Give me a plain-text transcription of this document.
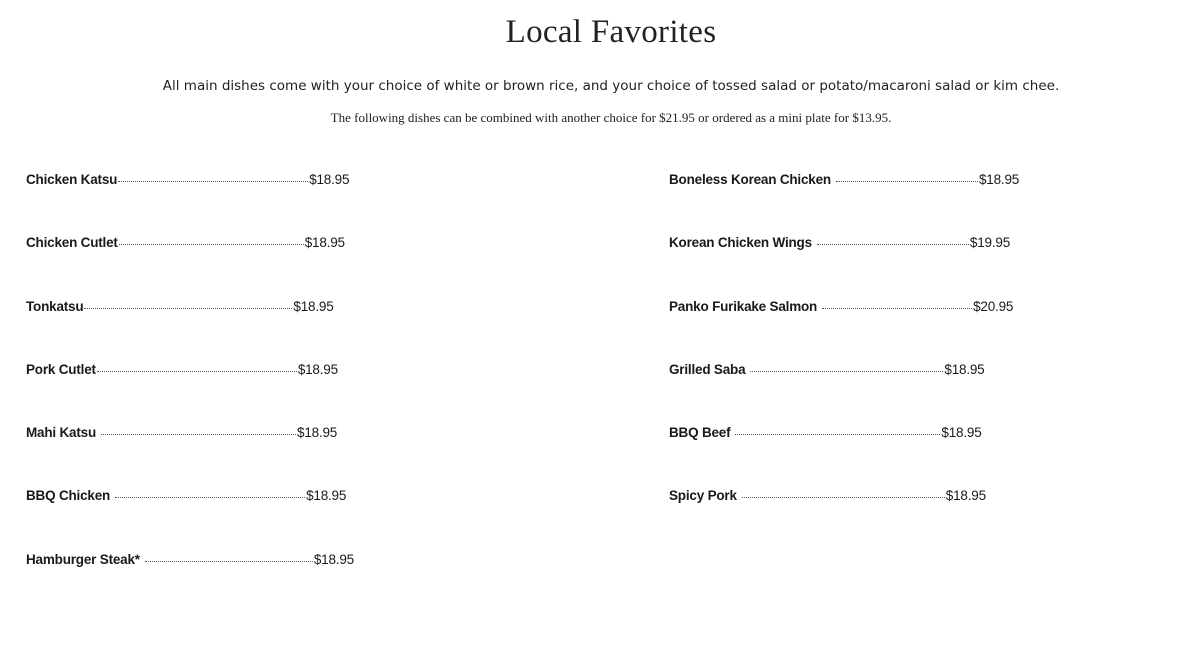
Local Favorites

All main dishes come with your choice of white or brown rice, and your choice of tossed salad or potato/macaroni salad or kim chee.

The following dishes can be combined with another choice for $21.95 or ordered as a mini plate for $13.95.

Chicken Katsu	$18.95
Chicken Cutlet	$18.95
Tonkatsu	$18.95
Pork Cutlet	$18.95
Mahi Katsu	$18.95
BBQ Chicken	$18.95
Hamburger Steak*	$18.95
Boneless Korean Chicken	$18.95
Korean Chicken Wings	$19.95
Panko Furikake Salmon	$20.95
Grilled Saba	$18.95
BBQ Beef	$18.95
Spicy Pork	$18.95
